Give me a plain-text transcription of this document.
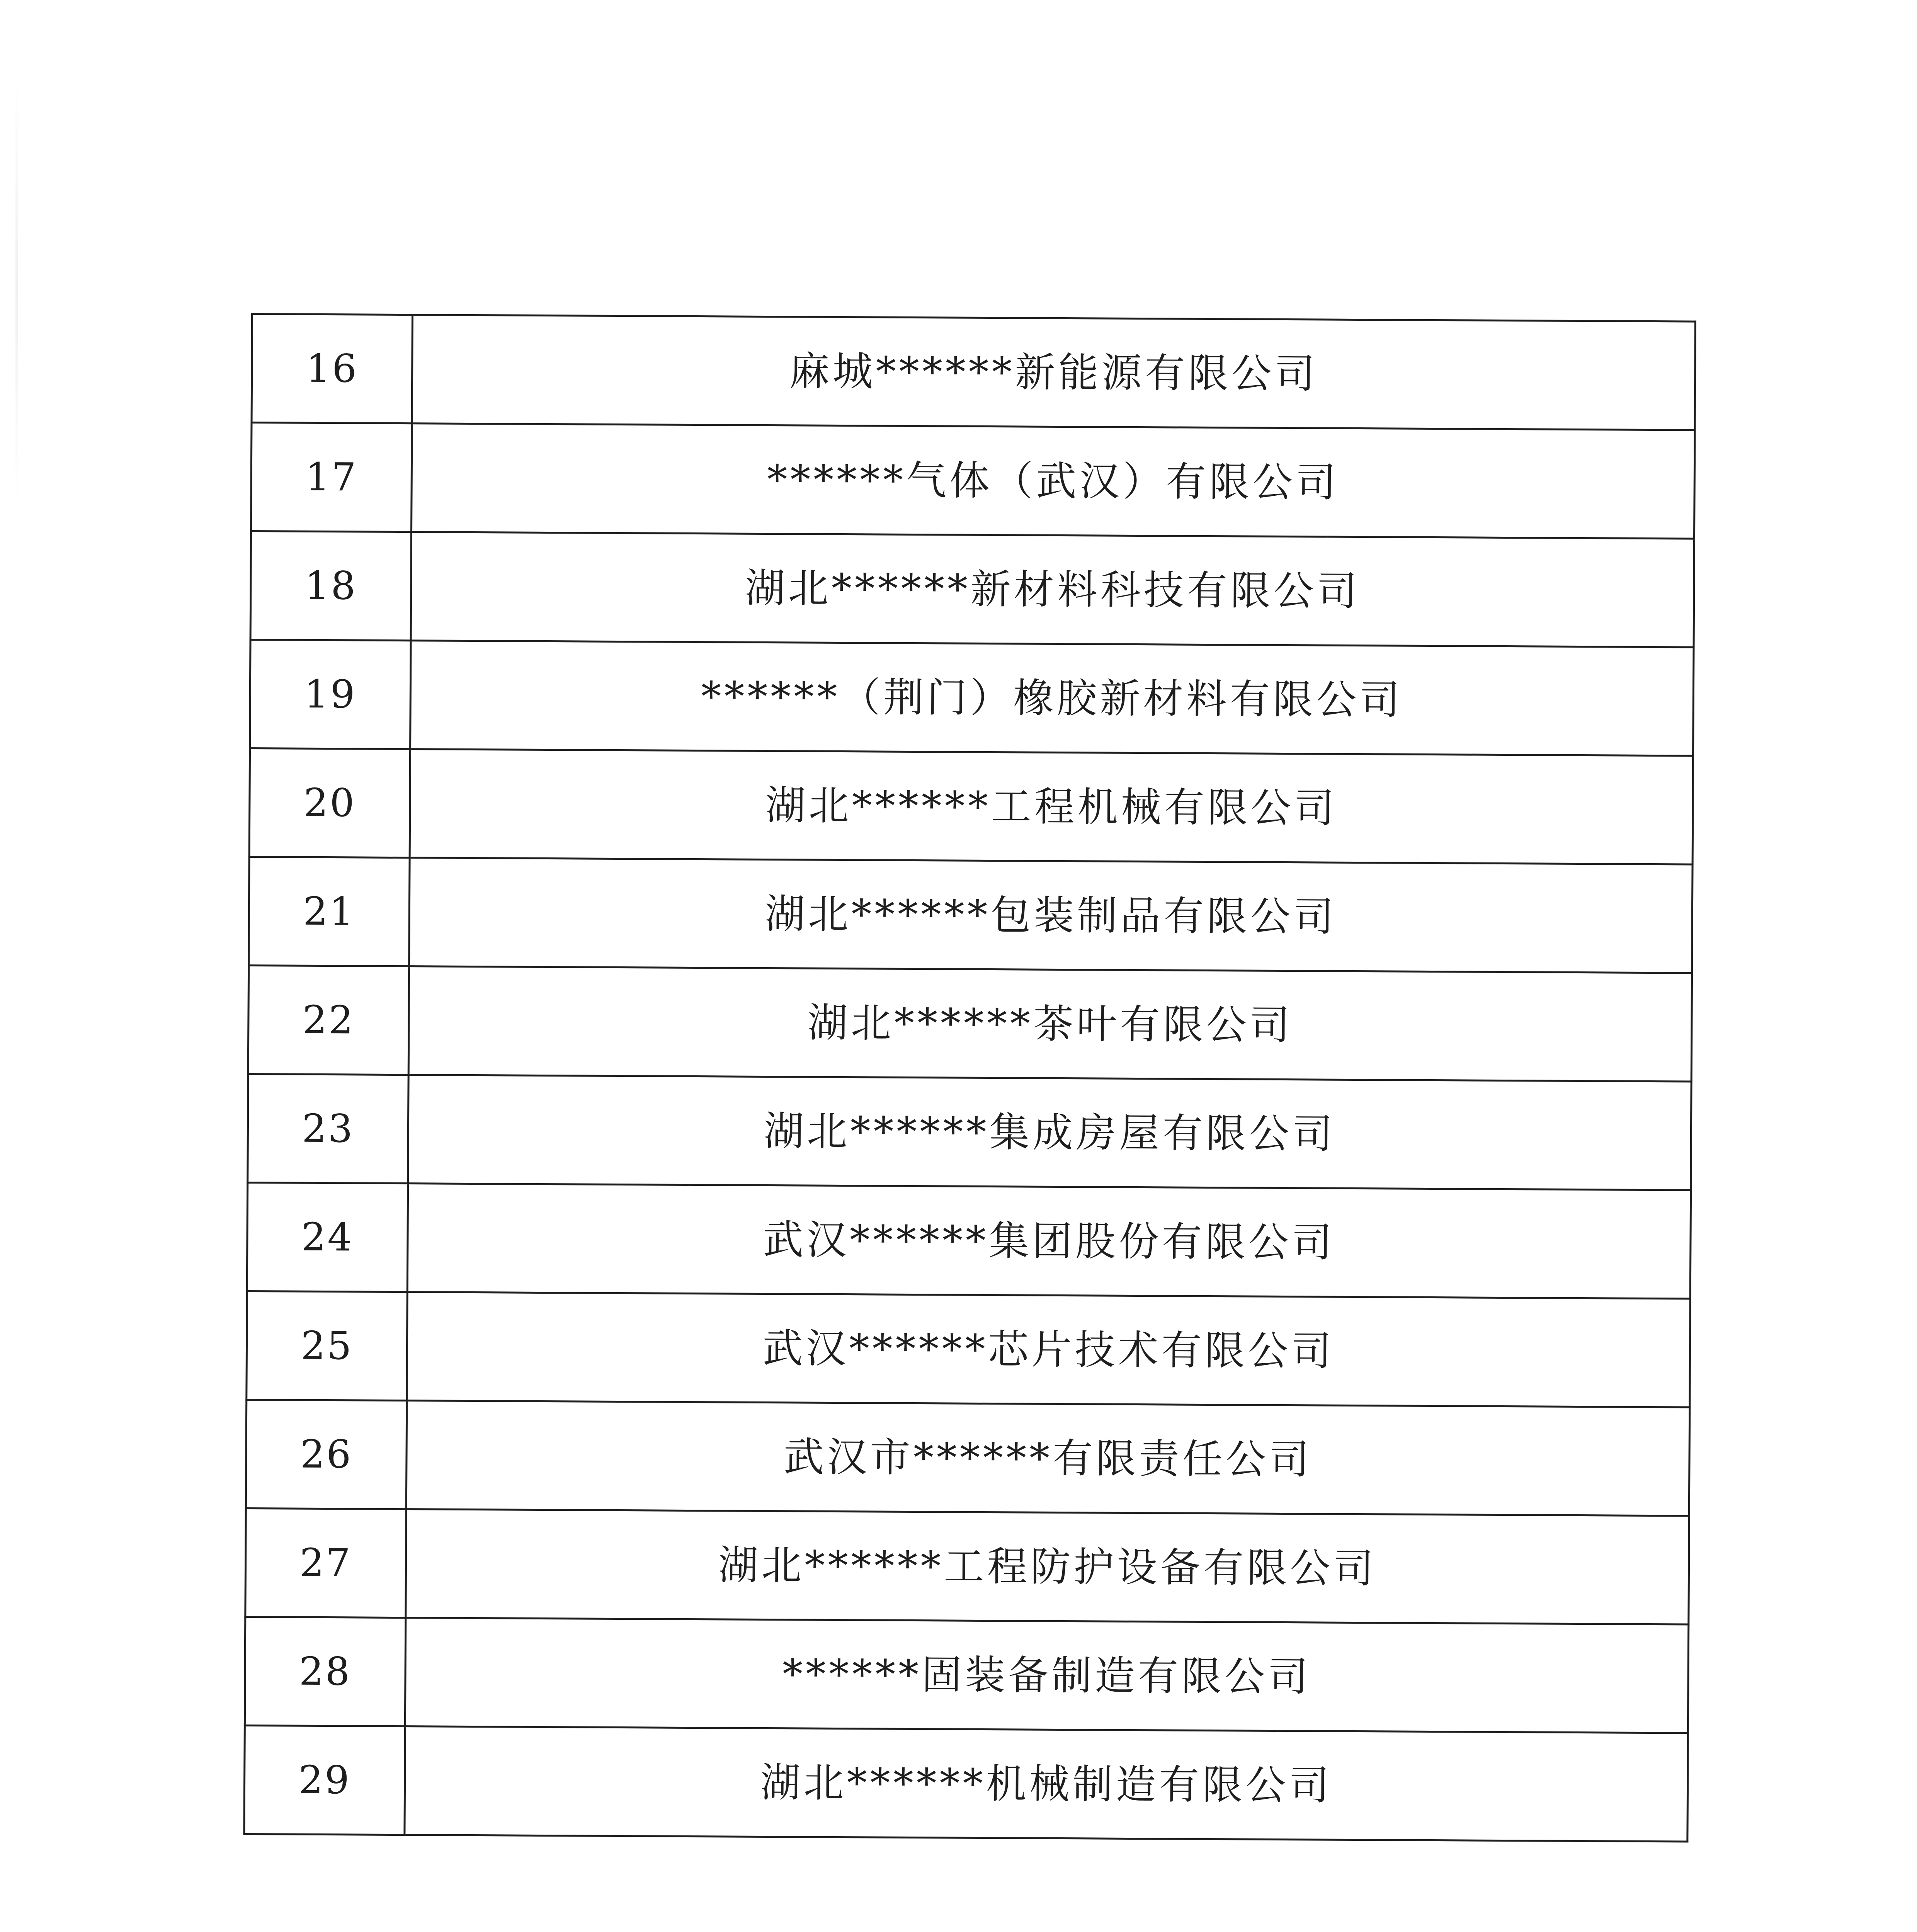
16	麻城******新能源有限公司
17	******气体（武汉）有限公司
18	湖北******新材料科技有限公司
19	******（荆门）橡胶新材料有限公司
20	湖北******工程机械有限公司
21	湖北******包装制品有限公司
22	湖北******茶叶有限公司
23	湖北******集成房屋有限公司
24	武汉******集团股份有限公司
25	武汉******芯片技术有限公司
26	武汉市******有限责任公司
27	湖北******工程防护设备有限公司
28	******固装备制造有限公司
29	湖北******机械制造有限公司
